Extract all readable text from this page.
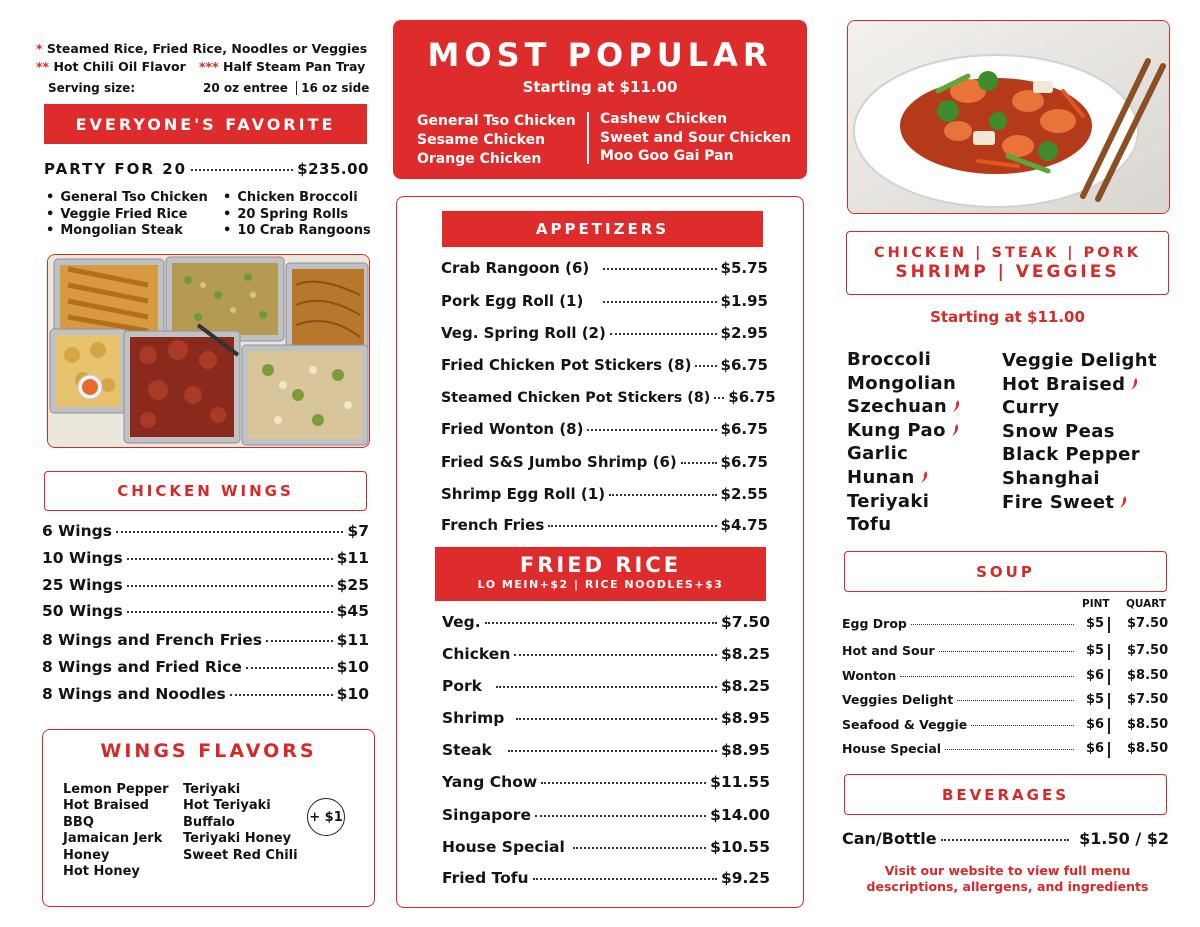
* Steamed Rice, Fried Rice, Noodles or Veggies
** Hot Chili Oil Flavor *** Half Steam Pan Tray
Serving size:	20 oz entree 16 oz side
EVERYONE'S FAVORITE
PARTY FOR 20	$235.00
• General Tso Chicken
• Veggie Fried Rice
• Mongolian Steak
• Chicken Broccoli
• 20 Spring Rolls
• 10 Crab Rangoons
CHICKEN WINGS
6 Wings	$7
10 Wings	$11
25 Wings	$25
50 Wings	$45
8 Wings and French Fries	$11
8 Wings and Fried Rice	$10
8 Wings and Noodles	$10
WINGS FLAVORS
Lemon Pepper
Hot Braised
BBQ
Jamaican Jerk
Honey
Hot Honey
Teriyaki
Hot Teriyaki
Buffalo
Teriyaki Honey
Sweet Red Chili
+ $1
MOST POPULAR
Starting at $11.00
General Tso Chicken
Sesame Chicken
Orange Chicken
Cashew Chicken
Sweet and Sour Chicken
Moo Goo Gai Pan
APPETIZERS
Crab Rangoon (6)	$5.75
Pork Egg Roll (1)	$1.95
Veg. Spring Roll (2)	$2.95
Fried Chicken Pot Stickers (8) $6.75
Steamed Chicken Pot Stickers (8) $6.75
Fried Wonton (8)	$6.75
Fried S&S Jumbo Shrimp (6)	$6.75
Shrimp Egg Roll (1)	$2.55
French Fries	$4.75
FRIED RICE
LO MEIN+$2 | RICE NOODLES+$3
Veg.	$7.50
Chicken	$8.25
Pork	$8.25
Shrimp	$8.95
Steak	$8.95
Yang Chow	$11.55
Singapore	$14.00
House Special	$10.55
Fried Tofu	$9.25
CHICKEN | STEAK | PORK
SHRIMP | VEGGIES
Starting at $11.00
Broccoli
Mongolian
Szechuan
Kung Pao
Garlic
Hunan
Teriyaki
Tofu
Veggie Delight
Hot Braised
Curry
Snow Peas
Black Pepper
Shanghai
Fire Sweet
SOUP
PINT QUART
Egg Drop	$5 $7.50
Hot and Sour	$5 $7.50
Wonton	$6 $8.50
Veggies Delight	$5 $7.50
Seafood & Veggie	$6 $8.50
House Special	$6 $8.50
BEVERAGES
Can/Bottle	$1.50 / $2
Visit our website to view full menu
descriptions, allergens, and ingredients
